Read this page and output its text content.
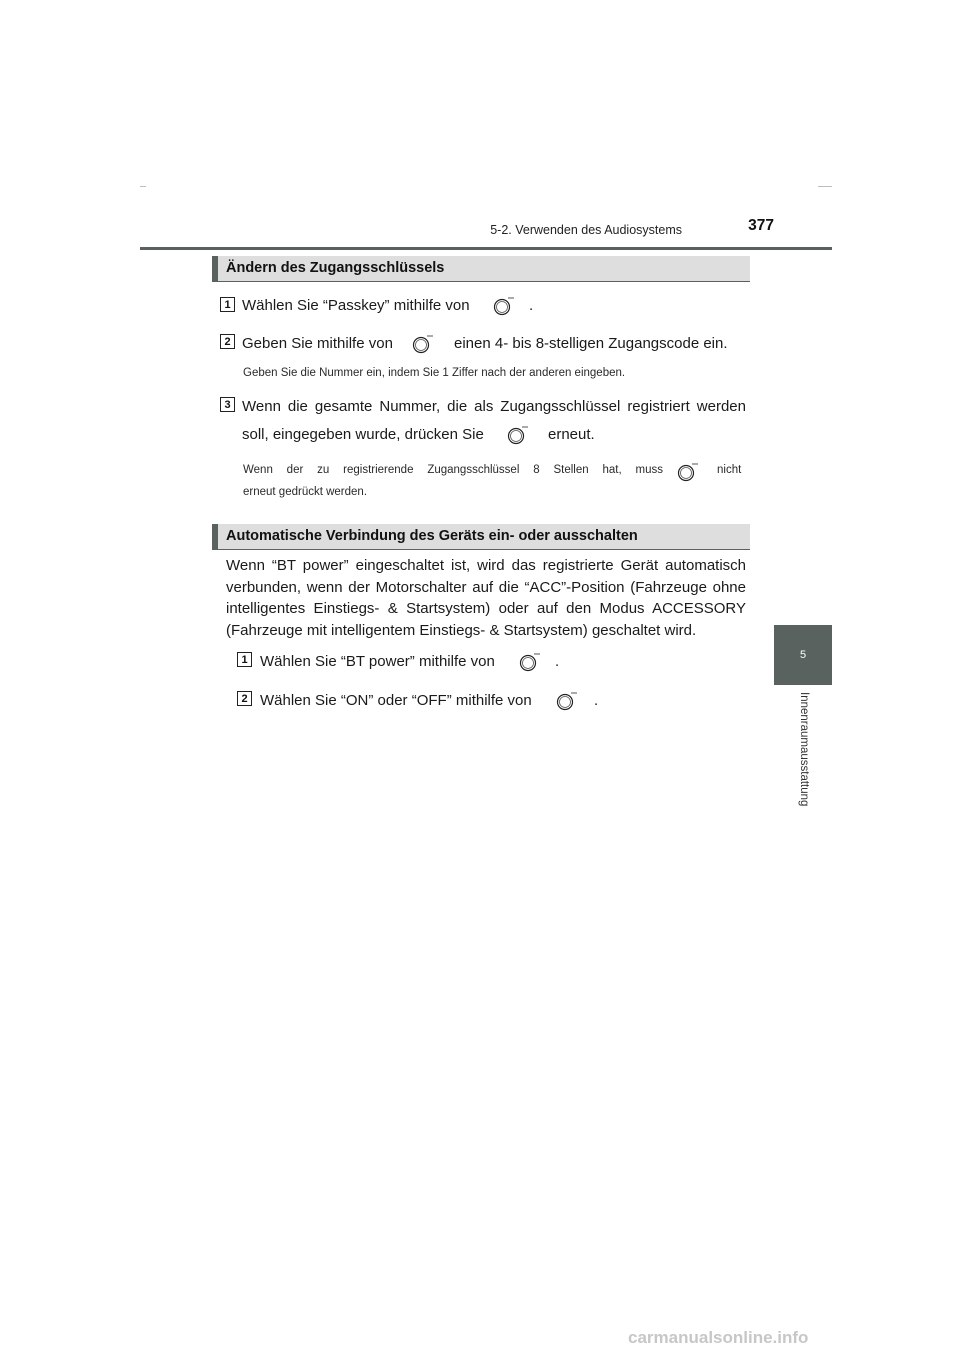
5-2. Verwenden des Audiosystems	377
5
Innenraumausstattung
Ändern des Zugangsschlüssels
1 Wählen Sie “Passkey” mithilfe von	.
2 Geben Sie mithilfe von	einen 4- bis 8-stelligen Zugangscode ein.
Geben Sie die Nummer ein, indem Sie 1 Ziffer nach der anderen eingeben.
3 Wenn die gesamte Nummer, die als Zugangsschlüssel registriert werden
soll, eingegeben wurde, drücken Sie	erneut.
Wenn der zu registrierende Zugangsschlüssel 8 Stellen hat, muss	nicht
erneut gedrückt werden.
Automatische Verbindung des Geräts ein- oder ausschalten
Wenn “BT power” eingeschaltet ist, wird das registrierte Gerät automatisch verbunden, wenn der Motorschalter auf die “ACC”-Position (Fahrzeuge ohne intelligentes Einstiegs- & Startsystem) oder auf den Modus ACCESSORY (Fahrzeuge mit intelligentem Einstiegs- & Startsystem) geschaltet wird.
1 Wählen Sie “BT power” mithilfe von	.
2 Wählen Sie “ON” oder “OFF” mithilfe von	.
carmanualsonline.info
